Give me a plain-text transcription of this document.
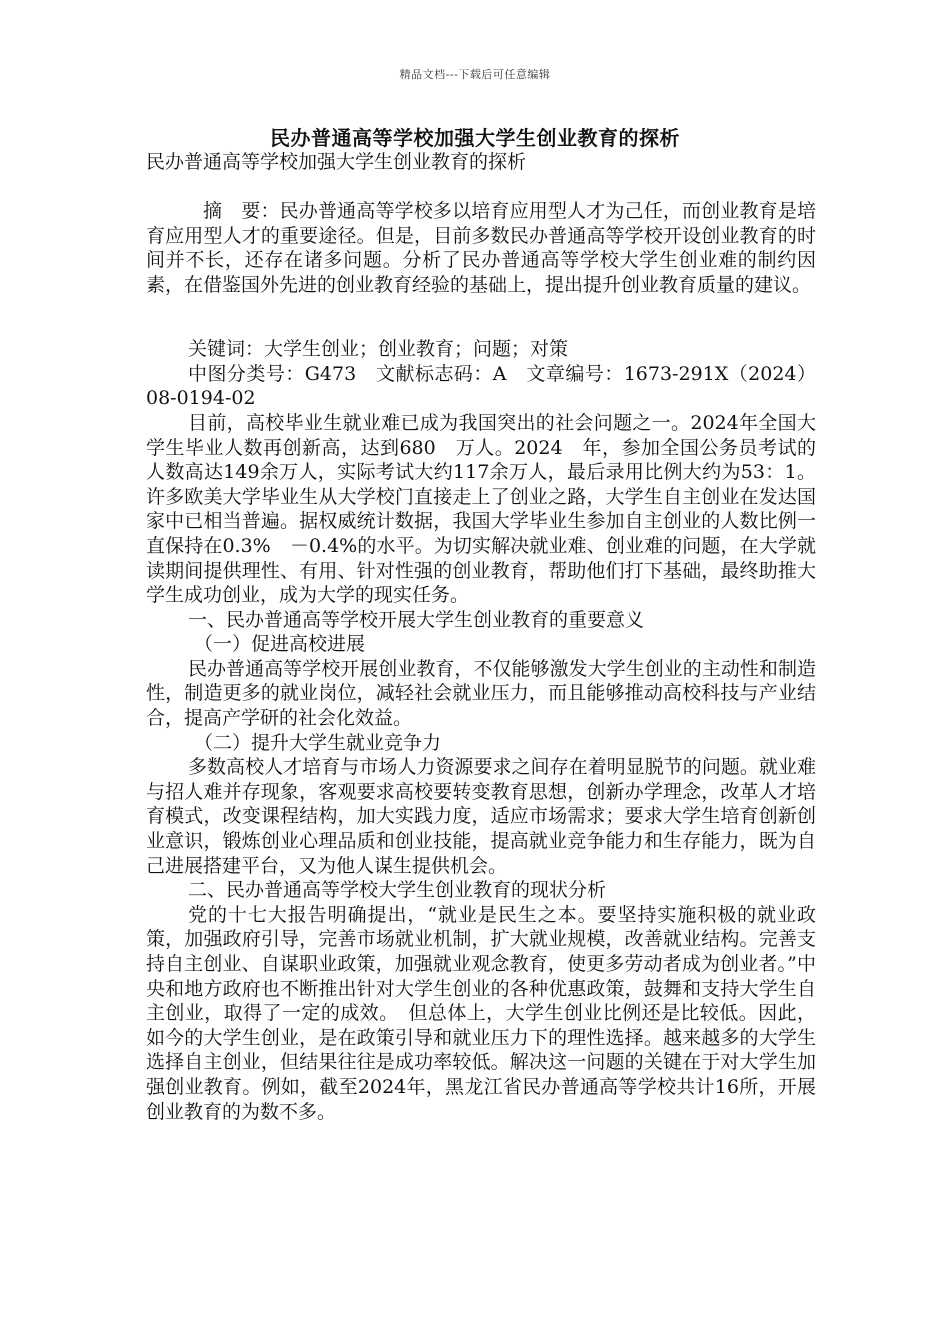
精品文档---下载后可任意编辑
民办普通高等学校加强大学生创业教育的探析

民办普通高等学校加强大学生创业教育的探析

摘　要：民办普通高等学校多以培育应用型人才为己任，而创业教育是培育应用型人才的重要途径。但是，目前多数民办普通高等学校开设创业教育的时间并不长，还存在诸多问题。分析了民办普通高等学校大学生创业难的制约因素，在借鉴国外先进的创业教育经验的基础上，提出提升创业教育质量的建议。

关键词：大学生创业；创业教育；问题；对策

中图分类号：G473　文献标志码：A　文章编号：1673-291X（2024）08-0194-02

目前，高校毕业生就业难已成为我国突出的社会问题之一。2024年全国大学生毕业人数再创新高，达到680　万人。2024　年，参加全国公务员考试的人数高达149余万人，实际考试大约117余万人，最后录用比例大约为53：1。许多欧美大学毕业生从大学校门直接走上了创业之路，大学生自主创业在发达国家中已相当普遍。据权威统计数据，我国大学毕业生参加自主创业的人数比例一直保持在0.3%　－0.4%的水平。为切实解决就业难、创业难的问题，在大学就读期间提供理性、有用、针对性强的创业教育，帮助他们打下基础，最终助推大学生成功创业，成为大学的现实任务。

一、民办普通高等学校开展大学生创业教育的重要意义

（一）促进高校进展

民办普通高等学校开展创业教育，不仅能够激发大学生创业的主动性和制造性，制造更多的就业岗位，减轻社会就业压力，而且能够推动高校科技与产业结合，提高产学研的社会化效益。

（二）提升大学生就业竞争力

多数高校人才培育与市场人力资源要求之间存在着明显脱节的问题。就业难与招人难并存现象，客观要求高校要转变教育思想，创新办学理念，改革人才培育模式，改变课程结构，加大实践力度，适应市场需求；要求大学生培育创新创业意识，锻炼创业心理品质和创业技能，提高就业竞争能力和生存能力，既为自己进展搭建平台，又为他人谋生提供机会。

二、民办普通高等学校大学生创业教育的现状分析

党的十七大报告明确提出，“就业是民生之本。要坚持实施积极的就业政策，加强政府引导，完善市场就业机制，扩大就业规模，改善就业结构。完善支持自主创业、自谋职业政策，加强就业观念教育，使更多劳动者成为创业者。”中央和地方政府也不断推出针对大学生创业的各种优惠政策，鼓舞和支持大学生自主创业，取得了一定的成效。　但总体上，大学生创业比例还是比较低。因此，如今的大学生创业，是在政策引导和就业压力下的理性选择。越来越多的大学生选择自主创业，但结果往往是成功率较低。解决这一问题的关键在于对大学生加强创业教育。例如，截至2024年，黑龙江省民办普通高等学校共计16所，开展创业教育的为数不多。
